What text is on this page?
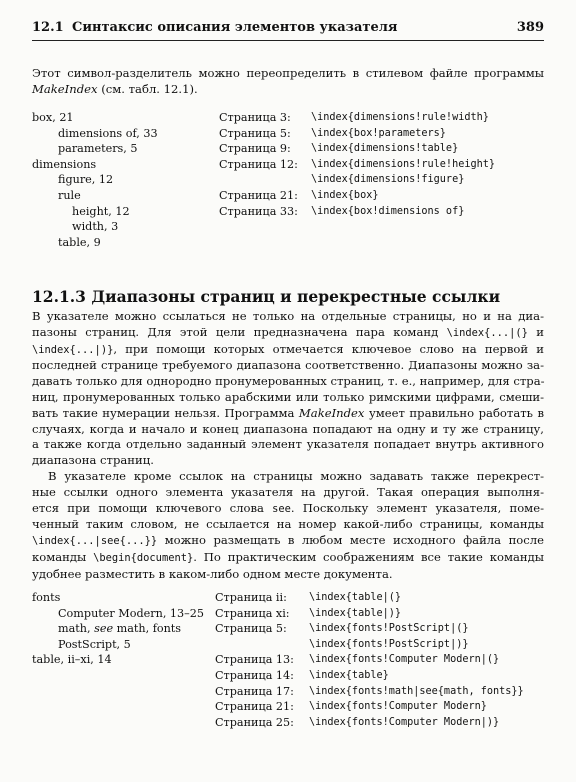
12.1 Синтаксис описания элементов указателя	389
Этот символ-разделитель можно переопределить в стилевом файле программы
MakeIndex (см. табл. 12.1).
box, 21
dimensions of, 33
parameters, 5
dimensions
figure, 12
rule
height, 12
width, 3
table, 9
Страница 3:
Страница 5:
Страница 9:
Страница 12:
Страница 21:
Страница 33:
\index{dimensions!rule!width}
\index{box!parameters}
\index{dimensions!table}
\index{dimensions!rule!height}
\index{dimensions!figure}
\index{box}
\index{box!dimensions of}
12.1.3 Диапазоны страниц и перекрестные ссылки
В указателе можно ссылаться не только на отдельные страницы, но и на диа-
пазоны страниц. Для этой цели предназначена пара команд \index{...|(} и
\index{...|)}, при помощи которых отмечается ключевое слово на первой и
последней странице требуемого диапазона соответственно. Диапазоны можно за-
давать только для однородно пронумерованных страниц, т. е., например, для стра-
ниц, пронумерованных только арабскими или только римскими цифрами, смеши-
вать такие нумерации нельзя. Программа MakeIndex умеет правильно работать в
случаях, когда и начало и конец диапазона попадают на одну и ту же страницу,
а также когда отдельно заданный элемент указателя попадает внутрь активного
диапазона страниц.
В указателе кроме ссылок на страницы можно задавать также перекрест-
ные ссылки одного элемента указателя на другой. Такая операция выполня-
ется при помощи ключевого слова see. Поскольку элемент указателя, поме-
ченный таким словом, не ссылается на номер какой-либо страницы, команды
\index{...|see{...}} можно размещать в любом месте исходного файла после
команды \begin{document}. По практическим соображениям все такие команды
удобнее разместить в каком-либо одном месте документа.
fonts
Computer Modern, 13–25
math, see math, fonts
PostScript, 5
table, ii–xi, 14
Страница ii:
Страница xi:
Страница 5:
Страница 13:
Страница 14:
Страница 17:
Страница 21:
Страница 25:
\index{table|(}
\index{table|)}
\index{fonts!PostScript|(}
\index{fonts!PostScript|)}
\index{fonts!Computer Modern|(}
\index{table}
\index{fonts!math|see{math, fonts}}
\index{fonts!Computer Modern}
\index{fonts!Computer Modern|)}
